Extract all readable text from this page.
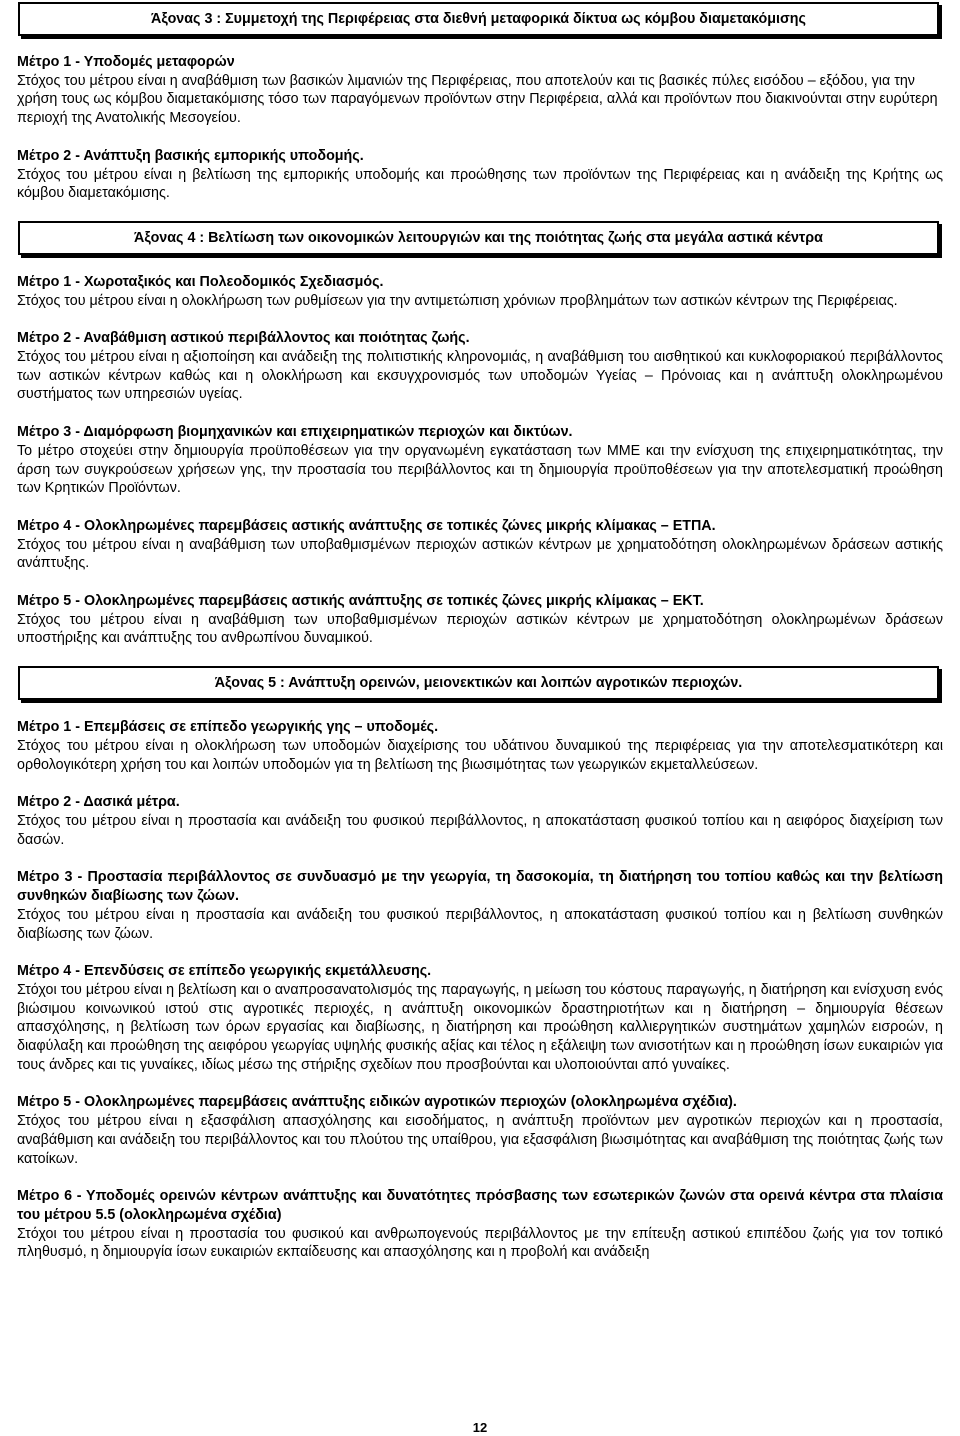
Άξονας 3 : Συμμετοχή της Περιφέρειας στα διεθνή μεταφορικά δίκτυα ως κόμβου διαμετακόμισης
Μέτρο 1 - Υποδομές μεταφορών
Στόχος του μέτρου είναι η αναβάθμιση των βασικών λιμανιών της Περιφέρειας, που αποτελούν και τις βασικές πύλες εισόδου – εξόδου, για την χρήση τους ως κόμβου διαμετακόμισης τόσο των παραγόμενων προϊόντων στην Περιφέρεια, αλλά και προϊόντων που διακινούνται στην ευρύτερη περιοχή της Ανατολικής Μεσογείου.
Μέτρο 2 - Ανάπτυξη βασικής εμπορικής υποδομής.
Στόχος του μέτρου είναι η βελτίωση της εμπορικής υποδομής και προώθησης των προϊόντων της Περιφέρειας και η ανάδειξη της Κρήτης ως κόμβου διαμετακόμισης.
Άξονας 4 : Βελτίωση των οικονομικών λειτουργιών και της ποιότητας ζωής στα μεγάλα αστικά κέντρα
Μέτρο 1 - Χωροταξικός και Πολεοδομικός Σχεδιασμός.
Στόχος του μέτρου είναι η ολοκλήρωση των ρυθμίσεων για την αντιμετώπιση χρόνιων προβλημάτων των αστικών κέντρων της Περιφέρειας.
Μέτρο 2 - Αναβάθμιση αστικού περιβάλλοντος και ποιότητας ζωής.
Στόχος του μέτρου είναι η αξιοποίηση και ανάδειξη της πολιτιστικής κληρονομιάς, η αναβάθμιση του αισθητικού και κυκλοφοριακού περιβάλλοντος των αστικών κέντρων καθώς και η ολοκλήρωση και εκσυγχρονισμός των υποδομών Υγείας – Πρόνοιας και η ανάπτυξη ολοκληρωμένου συστήματος των υπηρεσιών υγείας.
Μέτρο 3 - Διαμόρφωση βιομηχανικών και επιχειρηματικών περιοχών και δικτύων.
Το μέτρο στοχεύει στην δημιουργία προϋποθέσεων για την οργανωμένη εγκατάσταση των ΜΜΕ και την ενίσχυση της επιχειρηματικότητας, την άρση των συγκρούσεων χρήσεων γης, την προστασία του περιβάλλοντος και τη δημιουργία προϋποθέσεων για την αποτελεσματική προώθηση των Κρητικών Προϊόντων.
Μέτρο 4 - Ολοκληρωμένες παρεμβάσεις αστικής ανάπτυξης σε τοπικές ζώνες μικρής κλίμακας – ΕΤΠΑ.
Στόχος του μέτρου είναι η αναβάθμιση των υποβαθμισμένων περιοχών αστικών κέντρων με χρηματοδότηση ολοκληρωμένων δράσεων αστικής ανάπτυξης.
Μέτρο 5 - Ολοκληρωμένες παρεμβάσεις αστικής ανάπτυξης σε τοπικές ζώνες μικρής κλίμακας – ΕΚΤ.
Στόχος του μέτρου είναι η αναβάθμιση των υποβαθμισμένων περιοχών αστικών κέντρων με χρηματοδότηση ολοκληρωμένων δράσεων υποστήριξης και ανάπτυξης του ανθρωπίνου δυναμικού.
Άξονας 5 : Ανάπτυξη ορεινών, μειονεκτικών και λοιπών αγροτικών περιοχών.
Μέτρο 1 - Επεμβάσεις σε επίπεδο γεωργικής γης – υποδομές.
Στόχος του μέτρου είναι η ολοκλήρωση των υποδομών διαχείρισης του υδάτινου δυναμικού της περιφέρειας για την αποτελεσματικότερη και ορθολογικότερη χρήση του και λοιπών υποδομών για τη βελτίωση της βιωσιμότητας των γεωργικών εκμεταλλεύσεων.
Μέτρο 2 - Δασικά μέτρα.
Στόχος του μέτρου είναι η προστασία και ανάδειξη του φυσικού περιβάλλοντος, η αποκατάσταση φυσικού τοπίου και η αειφόρος διαχείριση των δασών.
Μέτρο 3 - Προστασία περιβάλλοντος σε συνδυασμό με την γεωργία, τη δασοκομία, τη διατήρηση του τοπίου καθώς και την βελτίωση συνθηκών διαβίωσης των ζώων.
Στόχος του μέτρου είναι η προστασία και ανάδειξη του φυσικού περιβάλλοντος, η αποκατάσταση φυσικού τοπίου και η βελτίωση συνθηκών διαβίωσης των ζώων.
Μέτρο 4 - Επενδύσεις σε επίπεδο γεωργικής εκμετάλλευσης.
Στόχοι του μέτρου είναι η βελτίωση και ο αναπροσανατολισμός της παραγωγής, η μείωση του κόστους παραγωγής, η διατήρηση και ενίσχυση ενός βιώσιμου κοινωνικού ιστού στις αγροτικές περιοχές, η ανάπτυξη οικονομικών δραστηριοτήτων και η διατήρηση – δημιουργία θέσεων απασχόλησης, η βελτίωση των όρων εργασίας και διαβίωσης, η διατήρηση και προώθηση καλλιεργητικών συστημάτων χαμηλών εισροών, η διαφύλαξη και προώθηση της αειφόρου γεωργίας υψηλής φυσικής αξίας και τέλος η εξάλειψη των ανισοτήτων και η προώθηση ίσων ευκαιριών για τους άνδρες και τις γυναίκες, ιδίως μέσω της στήριξης σχεδίων που προσβούνται και υλοποιούνται από γυναίκες.
Μέτρο 5 - Ολοκληρωμένες παρεμβάσεις ανάπτυξης ειδικών αγροτικών περιοχών (ολοκληρωμένα σχέδια).
Στόχος του μέτρου είναι η εξασφάλιση απασχόλησης και εισοδήματος, η ανάπτυξη προϊόντων μεν αγροτικών περιοχών και η προστασία, αναβάθμιση και ανάδειξη του περιβάλλοντος και του πλούτου της υπαίθρου, για εξασφάλιση βιωσιμότητας και αναβάθμιση της ποιότητας ζωής των κατοίκων.
Μέτρο 6 - Υποδομές ορεινών κέντρων ανάπτυξης και δυνατότητες πρόσβασης των εσωτερικών ζωνών στα ορεινά κέντρα στα πλαίσια του μέτρου 5.5 (ολοκληρωμένα σχέδια)
Στόχοι του μέτρου είναι η προστασία του φυσικού και ανθρωπογενούς περιβάλλοντος με την επίτευξη αστικού επιπέδου ζωής για τον τοπικό πληθυσμό, η δημιουργία ίσων ευκαιριών εκπαίδευσης και απασχόλησης και η προβολή και ανάδειξη
12
